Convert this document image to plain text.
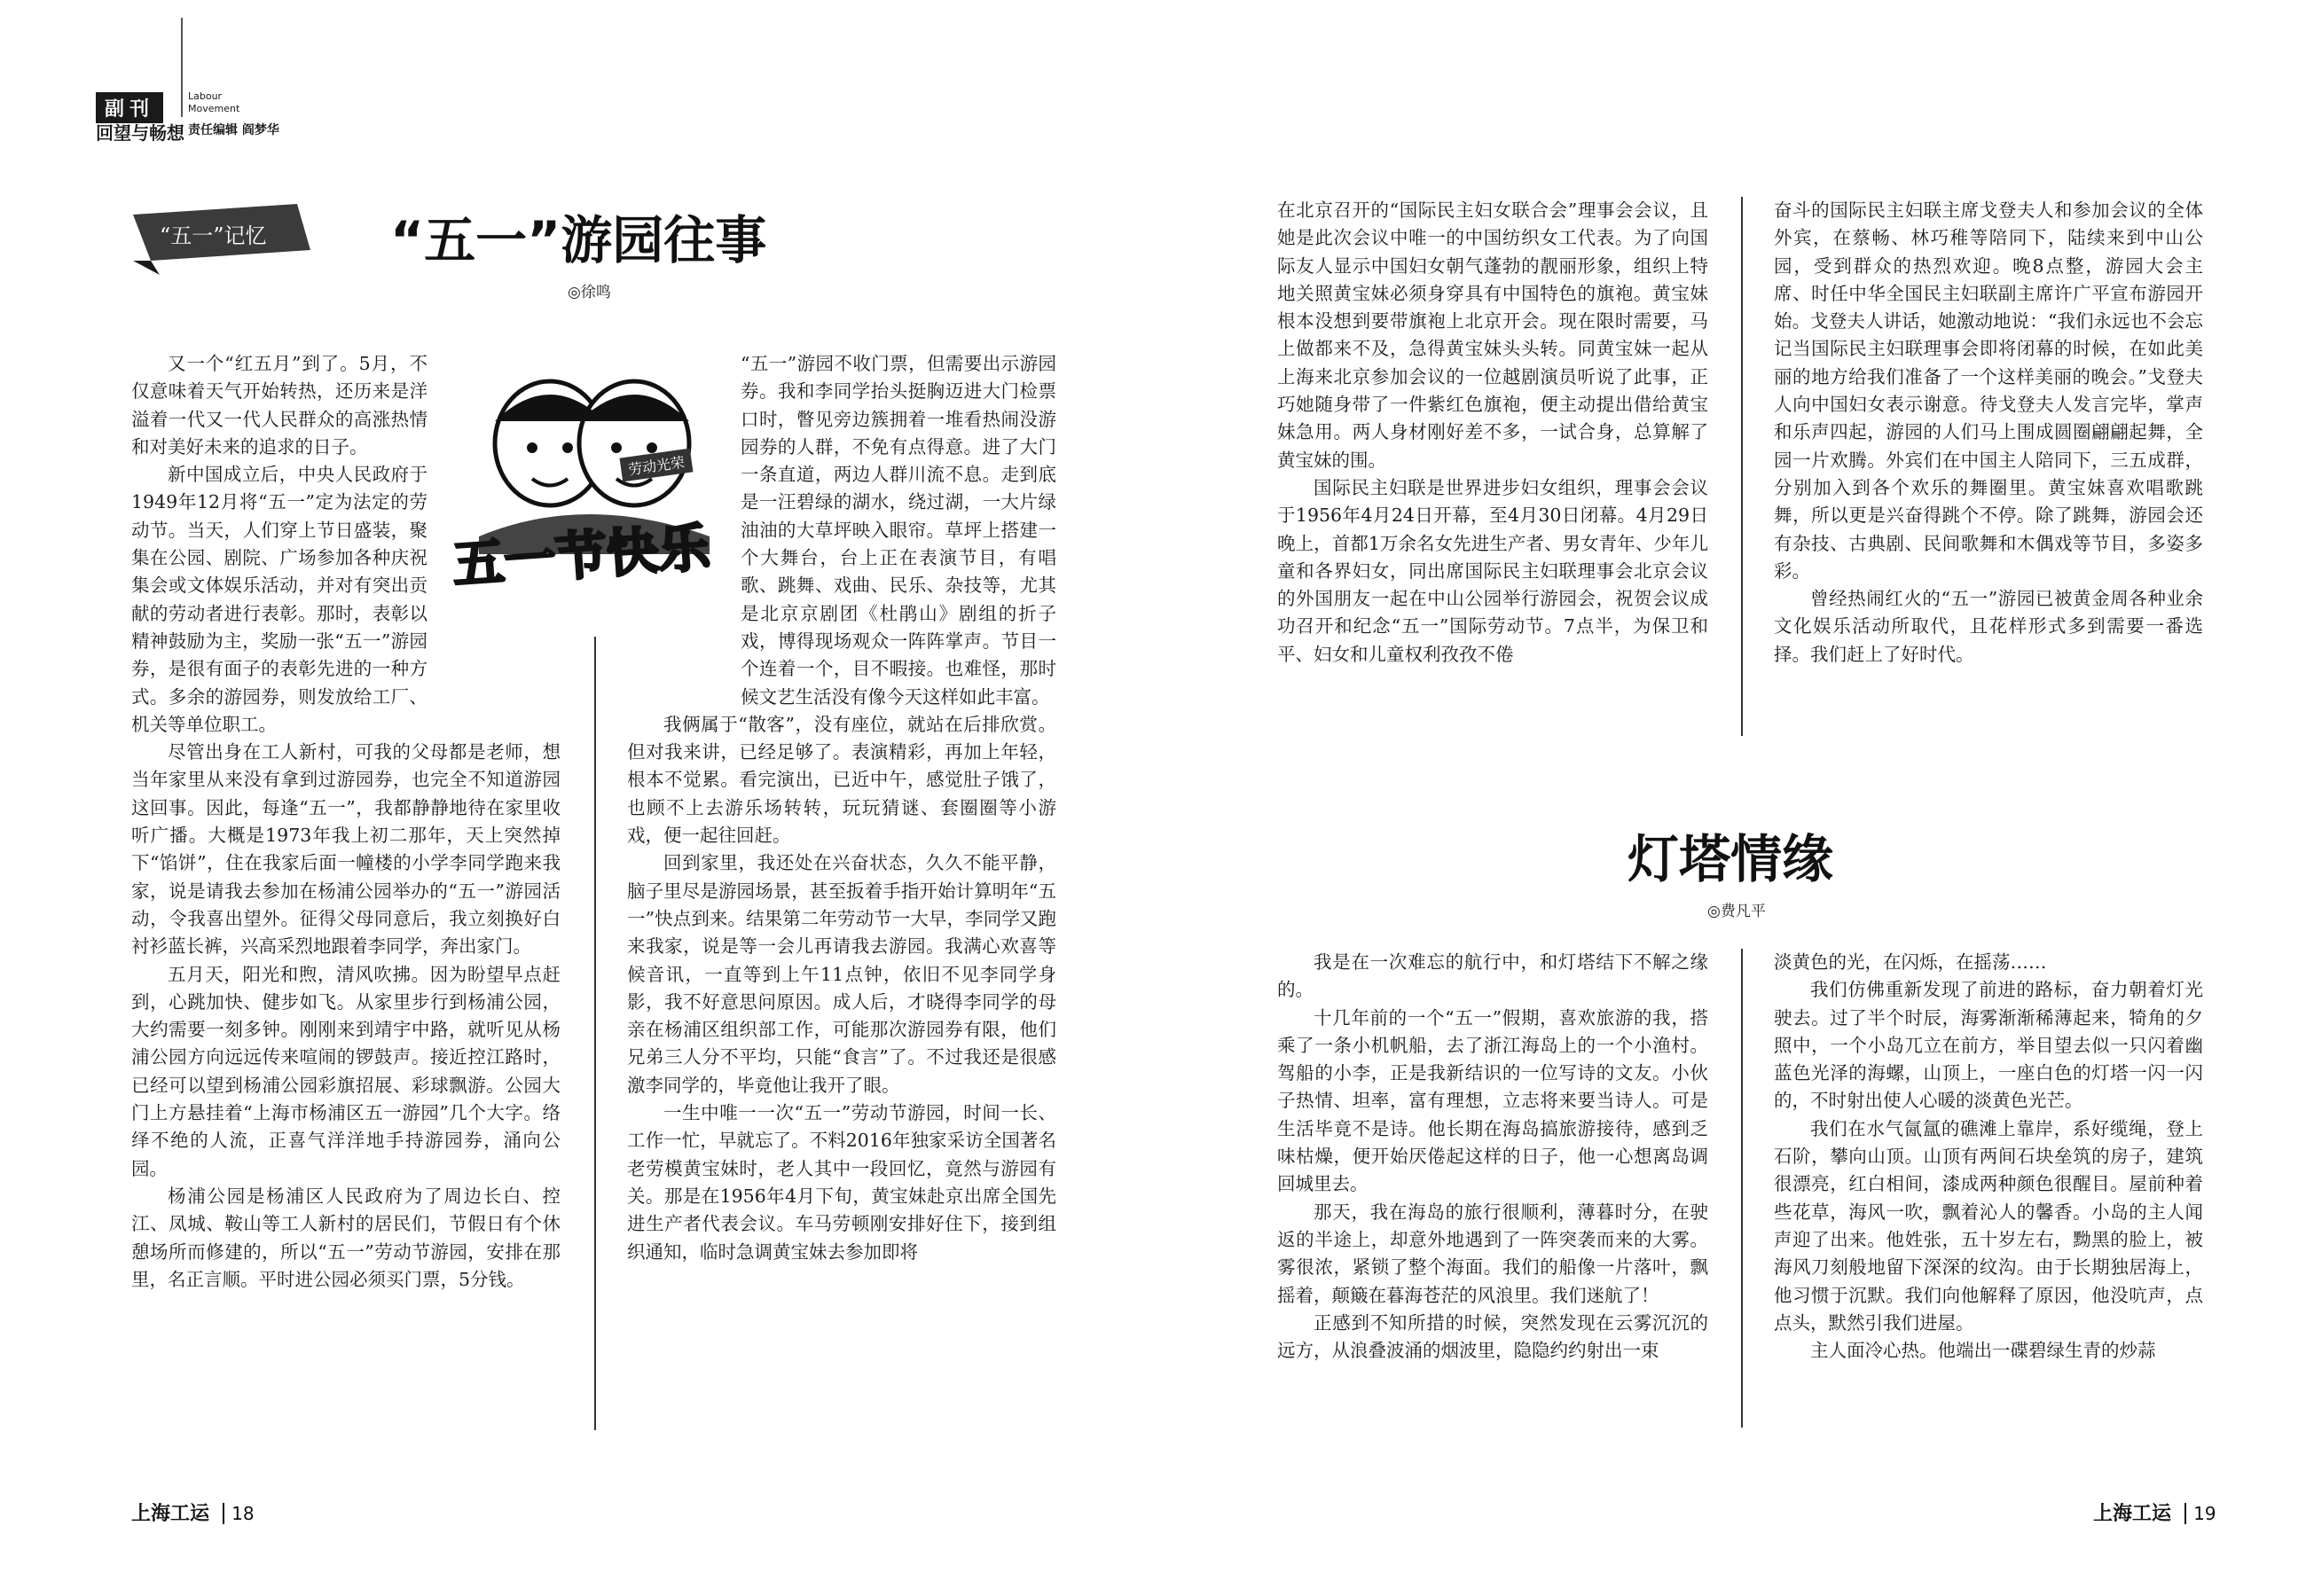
副刊
Labour
Movement
回望与畅想 责任编辑 阎梦华
“五一”记忆 “五一”游园往事
◎徐鸣
劳动光荣
五一节快乐

又一个“红五月”到了。5月，不仅意味着天气开始转热，还历来是洋溢着一代又一代人民群众的高涨热情和对美好未来的追求的日子。

新中国成立后，中央人民政府于1949年12月将“五一”定为法定的劳动节。当天，人们穿上节日盛装，聚集在公园、剧院、广场参加各种庆祝集会或文体娱乐活动，并对有突出贡献的劳动者进行表彰。那时，表彰以精神鼓励为主，奖励一张“五一”游园券，是很有面子的表彰先进的一种方式。多余的游园券，则发放给工厂、机关等单位职工。

尽管出身在工人新村，可我的父母都是老师，想当年家里从来没有拿到过游园券，也完全不知道游园这回事。因此，每逢“五一”，我都静静地待在家里收听广播。大概是1973年我上初二那年，天上突然掉下“馅饼”，住在我家后面一幢楼的小学李同学跑来我家，说是请我去参加在杨浦公园举办的“五一”游园活动，令我喜出望外。征得父母同意后，我立刻换好白衬衫蓝长裤，兴高采烈地跟着李同学，奔出家门。

五月天，阳光和煦，清风吹拂。因为盼望早点赶到，心跳加快、健步如飞。从家里步行到杨浦公园，大约需要一刻多钟。刚刚来到靖宇中路，就听见从杨浦公园方向远远传来喧闹的锣鼓声。接近控江路时，已经可以望到杨浦公园彩旗招展、彩球飘游。公园大门上方悬挂着“上海市杨浦区五一游园”几个大字。络绎不绝的人流，正喜气洋洋地手持游园券，涌向公园。

杨浦公园是杨浦区人民政府为了周边长白、控江、凤城、鞍山等工人新村的居民们，节假日有个休憩场所而修建的，所以“五一”劳动节游园，安排在那里，名正言顺。平时进公园必须买门票，5分钱。

“五一”游园不收门票，但需要出示游园券。我和李同学抬头挺胸迈进大门检票口时，瞥见旁边簇拥着一堆看热闹没游园券的人群，不免有点得意。进了大门一条直道，两边人群川流不息。走到底是一汪碧绿的湖水，绕过湖，一大片绿油油的大草坪映入眼帘。草坪上搭建一个大舞台，台上正在表演节目，有唱歌、跳舞、戏曲、民乐、杂技等，尤其是北京京剧团《杜鹃山》剧组的折子戏，博得现场观众一阵阵掌声。节目一个连着一个，目不暇接。也难怪，那时候文艺生活没有像今天这样如此丰富。

我俩属于“散客”，没有座位，就站在后排欣赏。但对我来讲，已经足够了。表演精彩，再加上年轻，根本不觉累。看完演出，已近中午，感觉肚子饿了，也顾不上去游乐场转转，玩玩猜谜、套圈圈等小游戏，便一起往回赶。

回到家里，我还处在兴奋状态，久久不能平静，脑子里尽是游园场景，甚至扳着手指开始计算明年“五一”快点到来。结果第二年劳动节一大早，李同学又跑来我家，说是等一会儿再请我去游园。我满心欢喜等候音讯，一直等到上午11点钟，依旧不见李同学身影，我不好意思问原因。成人后，才晓得李同学的母亲在杨浦区组织部工作，可能那次游园券有限，他们兄弟三人分不平均，只能“食言”了。不过我还是很感激李同学的，毕竟他让我开了眼。

一生中唯一一次“五一”劳动节游园，时间一长、工作一忙，早就忘了。不料2016年独家采访全国著名老劳模黄宝妹时，老人其中一段回忆，竟然与游园有关。那是在1956年4月下旬，黄宝妹赴京出席全国先进生产者代表会议。车马劳顿刚安排好住下，接到组织通知，临时急调黄宝妹去参加即将

在北京召开的“国际民主妇女联合会”理事会会议，且她是此次会议中唯一的中国纺织女工代表。为了向国际友人显示中国妇女朝气蓬勃的靓丽形象，组织上特地关照黄宝妹必须身穿具有中国特色的旗袍。黄宝妹根本没想到要带旗袍上北京开会。现在限时需要，马上做都来不及，急得黄宝妹头头转。同黄宝妹一起从上海来北京参加会议的一位越剧演员听说了此事，正巧她随身带了一件紫红色旗袍，便主动提出借给黄宝妹急用。两人身材刚好差不多，一试合身，总算解了黄宝妹的围。

国际民主妇联是世界进步妇女组织，理事会会议于1956年4月24日开幕，至4月30日闭幕。4月29日晚上，首都1万余名女先进生产者、男女青年、少年儿童和各界妇女，同出席国际民主妇联理事会北京会议的外国朋友一起在中山公园举行游园会，祝贺会议成功召开和纪念“五一”国际劳动节。7点半，为保卫和平、妇女和儿童权利孜孜不倦

奋斗的国际民主妇联主席戈登夫人和参加会议的全体外宾，在蔡畅、林巧稚等陪同下，陆续来到中山公园，受到群众的热烈欢迎。晚8点整，游园大会主席、时任中华全国民主妇联副主席许广平宣布游园开始。戈登夫人讲话，她激动地说：“我们永远也不会忘记当国际民主妇联理事会即将闭幕的时候，在如此美丽的地方给我们准备了一个这样美丽的晚会。”戈登夫人向中国妇女表示谢意。待戈登夫人发言完毕，掌声和乐声四起，游园的人们马上围成圆圈翩翩起舞，全园一片欢腾。外宾们在中国主人陪同下，三五成群，分别加入到各个欢乐的舞圈里。黄宝妹喜欢唱歌跳舞，所以更是兴奋得跳个不停。除了跳舞，游园会还有杂技、古典剧、民间歌舞和木偶戏等节目，多姿多彩。

曾经热闹红火的“五一”游园已被黄金周各种业余文化娱乐活动所取代，且花样形式多到需要一番选择。我们赶上了好时代。

灯塔情缘
◎费凡平

我是在一次难忘的航行中，和灯塔结下不解之缘的。

十几年前的一个“五一”假期，喜欢旅游的我，搭乘了一条小机帆船，去了浙江海岛上的一个小渔村。驾船的小李，正是我新结识的一位写诗的文友。小伙子热情、坦率，富有理想，立志将来要当诗人。可是生活毕竟不是诗。他长期在海岛搞旅游接待，感到乏味枯燥，便开始厌倦起这样的日子，他一心想离岛调回城里去。

那天，我在海岛的旅行很顺利，薄暮时分，在驶返的半途上，却意外地遇到了一阵突袭而来的大雾。雾很浓，紧锁了整个海面。我们的船像一片落叶，飘摇着，颠簸在暮海苍茫的风浪里。我们迷航了！

正感到不知所措的时候，突然发现在云雾沉沉的远方，从浪叠波涌的烟波里，隐隐约约射出一束

淡黄色的光，在闪烁，在摇荡……

我们仿佛重新发现了前进的路标，奋力朝着灯光驶去。过了半个时辰，海雾渐渐稀薄起来，犄角的夕照中，一个小岛兀立在前方，举目望去似一只闪着幽蓝色光泽的海螺，山顶上，一座白色的灯塔一闪一闪的，不时射出使人心暖的淡黄色光芒。

我们在水气氤氲的礁滩上靠岸，系好缆绳，登上石阶，攀向山顶。山顶有两间石块垒筑的房子，建筑很漂亮，红白相间，漆成两种颜色很醒目。屋前种着些花草，海风一吹，飘着沁人的馨香。小岛的主人闻声迎了出来。他姓张，五十岁左右，黝黑的脸上，被海风刀刻般地留下深深的纹沟。由于长期独居海上，他习惯于沉默。我们向他解释了原因，他没吭声，点点头，默然引我们进屋。

主人面冷心热。他端出一碟碧绿生青的炒蒜

上海工运 18	上海工运 19
